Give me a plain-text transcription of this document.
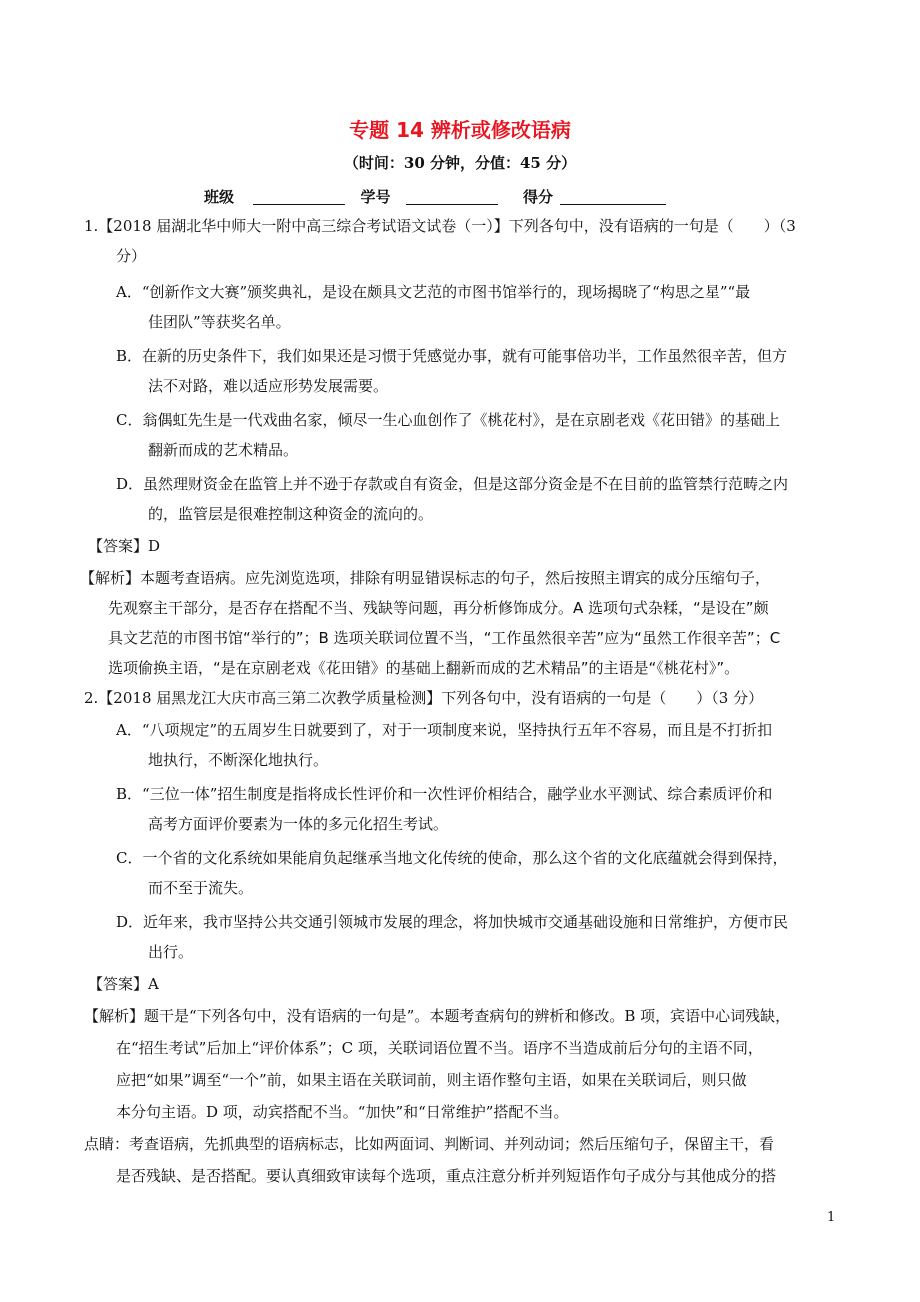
专题 14 辨析或修改语病
（时间：30 分钟，分值：45 分）
班级	学号	得分
1.【2018 届湖北华中师大一附中高三综合考试语文试卷（一）】下列各句中，没有语病的一句是（　　）（3
分）
A．“创新作文大赛”颁奖典礼，是设在颇具文艺范的市图书馆举行的，现场揭晓了“构思之星”“最
佳团队”等获奖名单。
B．在新的历史条件下，我们如果还是习惯于凭感觉办事，就有可能事倍功半，工作虽然很辛苦，但方
法不对路，难以适应形势发展需要。
C．翁偶虹先生是一代戏曲名家，倾尽一生心血创作了《桃花村》，是在京剧老戏《花田错》的基础上
翻新而成的艺术精品。
D．虽然理财资金在监管上并不逊于存款或自有资金，但是这部分资金是不在目前的监管禁行范畴之内
的，监管层是很难控制这种资金的流向的。
【答案】D
【解析】本题考查语病。应先浏览选项，排除有明显错误标志的句子，然后按照主谓宾的成分压缩句子，
先观察主干部分，是否存在搭配不当、残缺等问题，再分析修饰成分。A 选项句式杂糅，“是设在”颇
具文艺范的市图书馆“举行的”；B 选项关联词位置不当，“工作虽然很辛苦”应为“虽然工作很辛苦”；C
选项偷换主语，“是在京剧老戏《花田错》的基础上翻新而成的艺术精品”的主语是“《桃花村》”。
2.【2018 届黑龙江大庆市高三第二次教学质量检测】下列各句中，没有语病的一句是（　　）（3 分）
A．“八项规定”的五周岁生日就要到了，对于一项制度来说，坚持执行五年不容易，而且是不打折扣
地执行，不断深化地执行。
B．“三位一体”招生制度是指将成长性评价和一次性评价相结合，融学业水平测试、综合素质评价和
高考方面评价要素为一体的多元化招生考试。
C．一个省的文化系统如果能肩负起继承当地文化传统的使命，那么这个省的文化底蕴就会得到保持，
而不至于流失。
D．近年来，我市坚持公共交通引领城市发展的理念，将加快城市交通基础设施和日常维护，方便市民
出行。
【答案】A
【解析】题干是“下列各句中，没有语病的一句是”。本题考查病句的辨析和修改。B 项，宾语中心词残缺，
在“招生考试”后加上“评价体系”；C 项，关联词语位置不当。语序不当造成前后分句的主语不同，
应把“如果”调至“一个”前，如果主语在关联词前，则主语作整句主语，如果在关联词后，则只做
本分句主语。D 项，动宾搭配不当。“加快”和“日常维护”搭配不当。
点睛：考查语病，先抓典型的语病标志，比如两面词、判断词、并列动词；然后压缩句子，保留主干，看
是否残缺、是否搭配。要认真细致审读每个选项，重点注意分析并列短语作句子成分与其他成分的搭
1
